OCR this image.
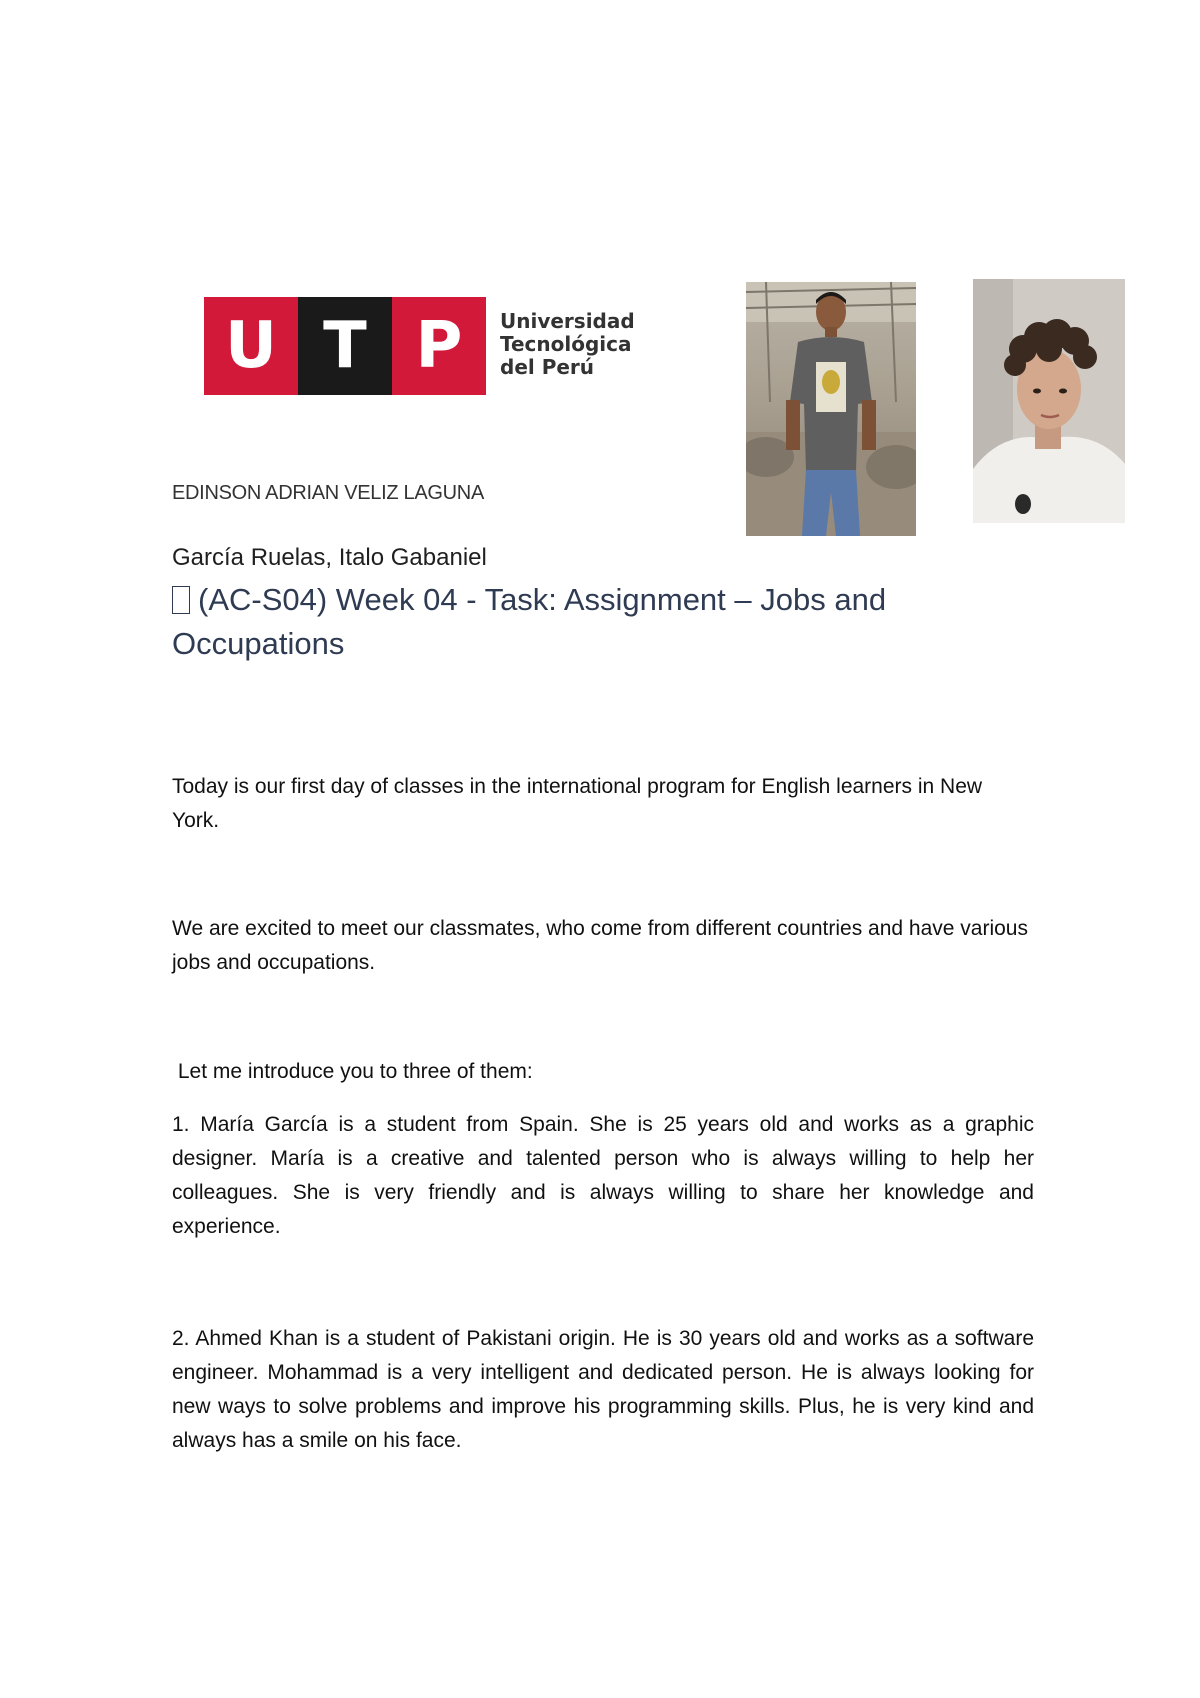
U T P	Universidad
Tecnológica
del Perú
EDINSON ADRIAN VELIZ LAGUNA
García Ruelas, Italo Gabaniel
(AC-S04) Week 04 - Task: Assignment – Jobs and Occupations
Today is our first day of classes in the international program for English learners in New York.
We are excited to meet our classmates, who come from different countries and have various jobs and occupations.
Let me introduce you to three of them:
1. María García is a student from Spain. She is 25 years old and works as a graphic designer. María is a creative and talented person who is always willing to help her colleagues. She is very friendly and is always willing to share her knowledge and experience.
2. Ahmed Khan is a student of Pakistani origin. He is 30 years old and works as a software engineer. Mohammad is a very intelligent and dedicated person. He is always looking for new ways to solve problems and improve his programming skills. Plus, he is very kind and always has a smile on his face.
